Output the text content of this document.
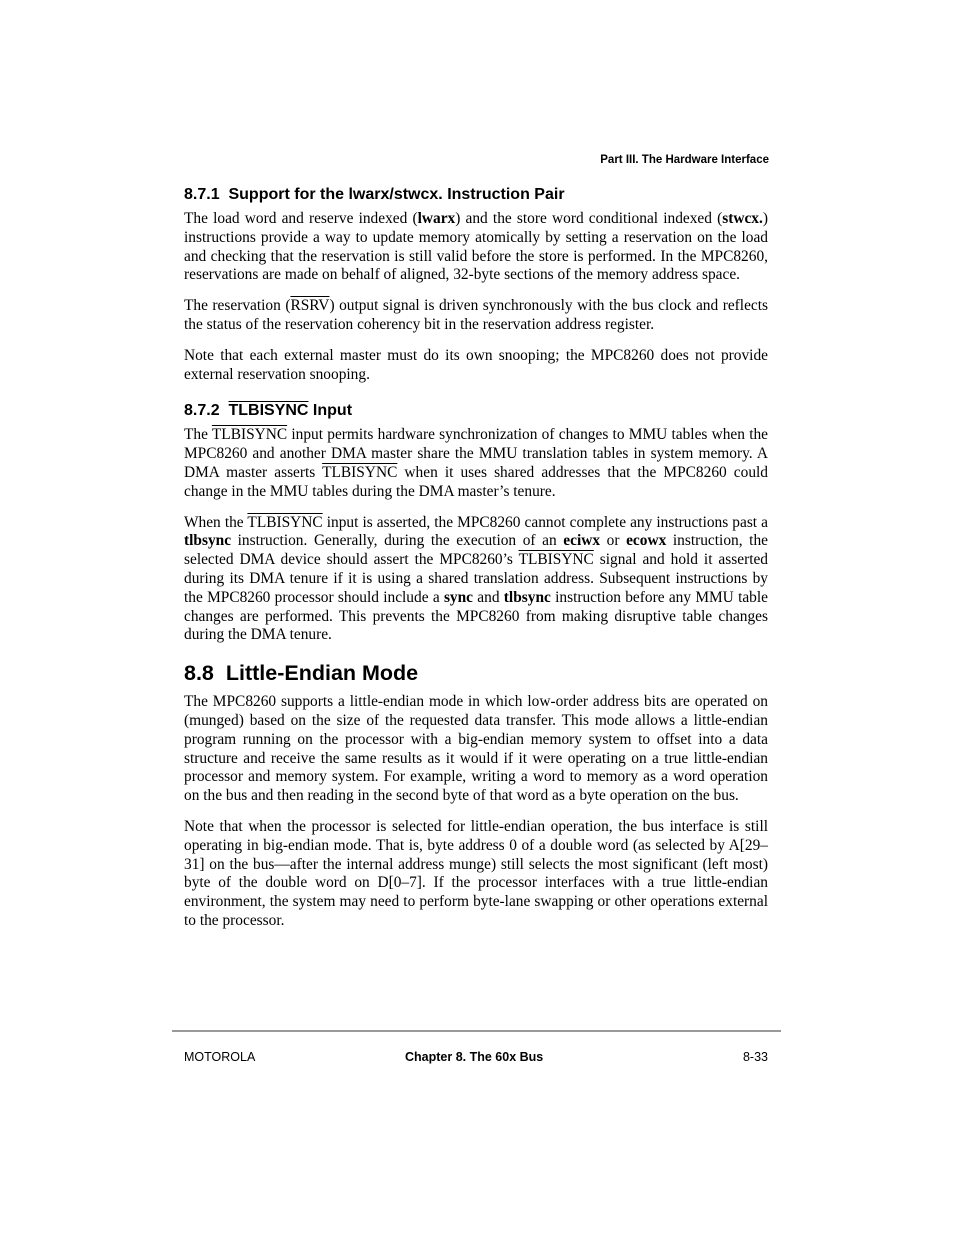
Part III. The Hardware Interface
8.7.1 Support for the lwarx/stwcx. Instruction Pair

The load word and reserve indexed (lwarx) and the store word conditional indexed (stwcx.) instructions provide a way to update memory atomically by setting a reservation on the load and checking that the reservation is still valid before the store is performed. In the MPC8260, reservations are made on behalf of aligned, 32-byte sections of the memory address space.

The reservation (RSRV) output signal is driven synchronously with the bus clock and reflects the status of the reservation coherency bit in the reservation address register.

Note that each external master must do its own snooping; the MPC8260 does not provide external reservation snooping.

8.7.2 TLBISYNC Input

The TLBISYNC input permits hardware synchronization of changes to MMU tables when the MPC8260 and another DMA master share the MMU translation tables in system memory. A DMA master asserts TLBISYNC when it uses shared addresses that the MPC8260 could change in the MMU tables during the DMA master’s tenure.

When the TLBISYNC input is asserted, the MPC8260 cannot complete any instructions past a tlbsync instruction. Generally, during the execution of an eciwx or ecowx instruction, the selected DMA device should assert the MPC8260’s TLBISYNC signal and hold it asserted during its DMA tenure if it is using a shared translation address. Subsequent instructions by the MPC8260 processor should include a sync and tlbsync instruction before any MMU table changes are performed. This prevents the MPC8260 from making disruptive table changes during the DMA tenure.

8.8 Little-Endian Mode

The MPC8260 supports a little-endian mode in which low-order address bits are operated on (munged) based on the size of the requested data transfer. This mode allows a little-endian program running on the processor with a big-endian memory system to offset into a data structure and receive the same results as it would if it were operating on a true little-endian processor and memory system. For example, writing a word to memory as a word operation on the bus and then reading in the second byte of that word as a byte operation on the bus.

Note that when the processor is selected for little-endian operation, the bus interface is still operating in big-endian mode. That is, byte address 0 of a double word (as selected by A[29–31] on the bus—after the internal address munge) still selects the most significant (left most) byte of the double word on D[0–7]. If the processor interfaces with a true little-endian environment, the system may need to perform byte-lane swapping or other operations external to the processor.

MOTOROLA	Chapter 8. The 60x Bus	8-33
